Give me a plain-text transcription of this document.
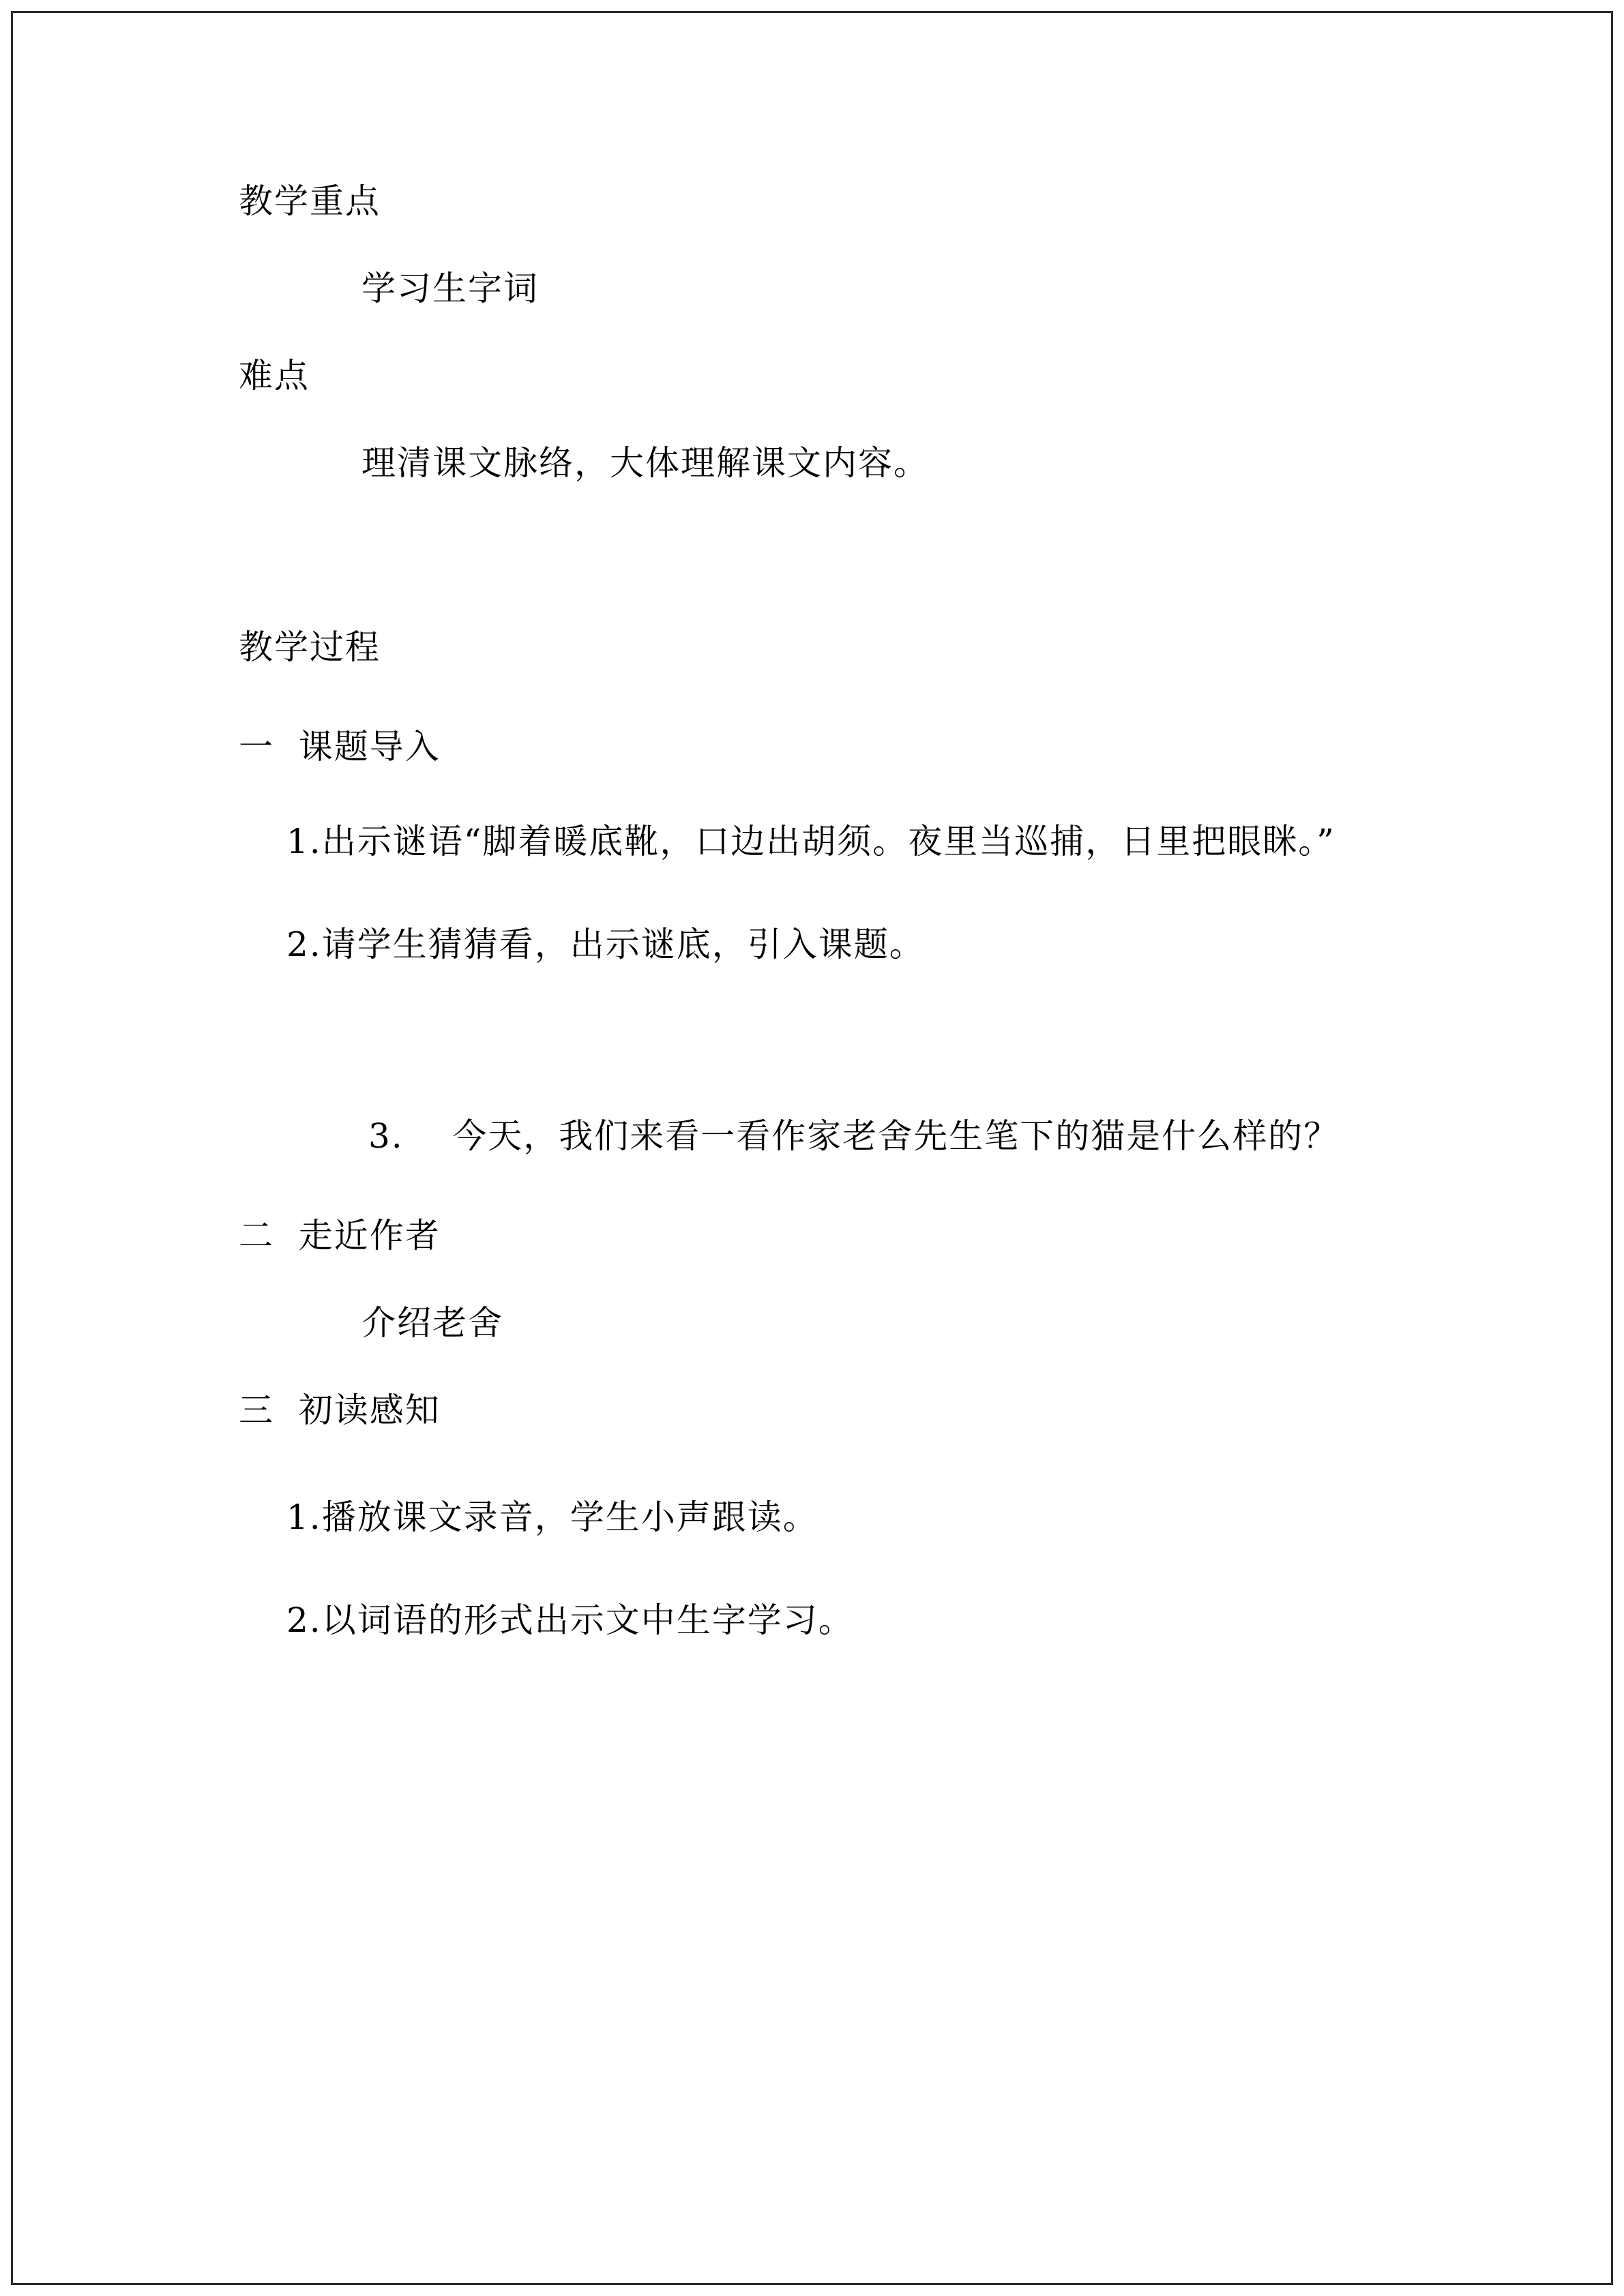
教学重点
学习生字词
难点
理清课文脉络，大体理解课文内容。
教学过程
一  课题导入
1.出示谜语“脚着暖底靴，口边出胡须。夜里当巡捕，日里把眼眯。”
2.请学生猜猜看，出示谜底，引入课题。
3.    今天，我们来看一看作家老舍先生笔下的猫是什么样的？
二  走近作者
介绍老舍
三  初读感知
1.播放课文录音，学生小声跟读。
2.以词语的形式出示文中生字学习。
